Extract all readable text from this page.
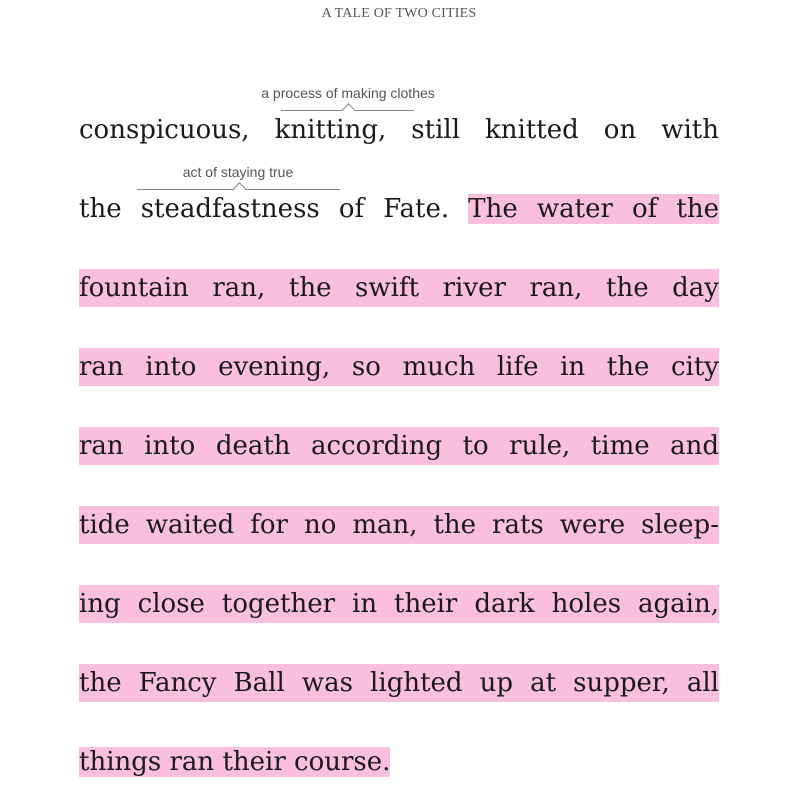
A TALE OF TWO CITIES
a process of making clothes
act of staying true
conspicuous, knitting, still knitted on with
the steadfastness of Fate. The water of the
fountain ran, the swift river ran, the day
ran into evening, so much life in the city
ran into death according to rule, time and
tide waited for no man, the rats were sleep-
ing close together in their dark holes again,
the Fancy Ball was lighted up at supper, all
things ran their course.
